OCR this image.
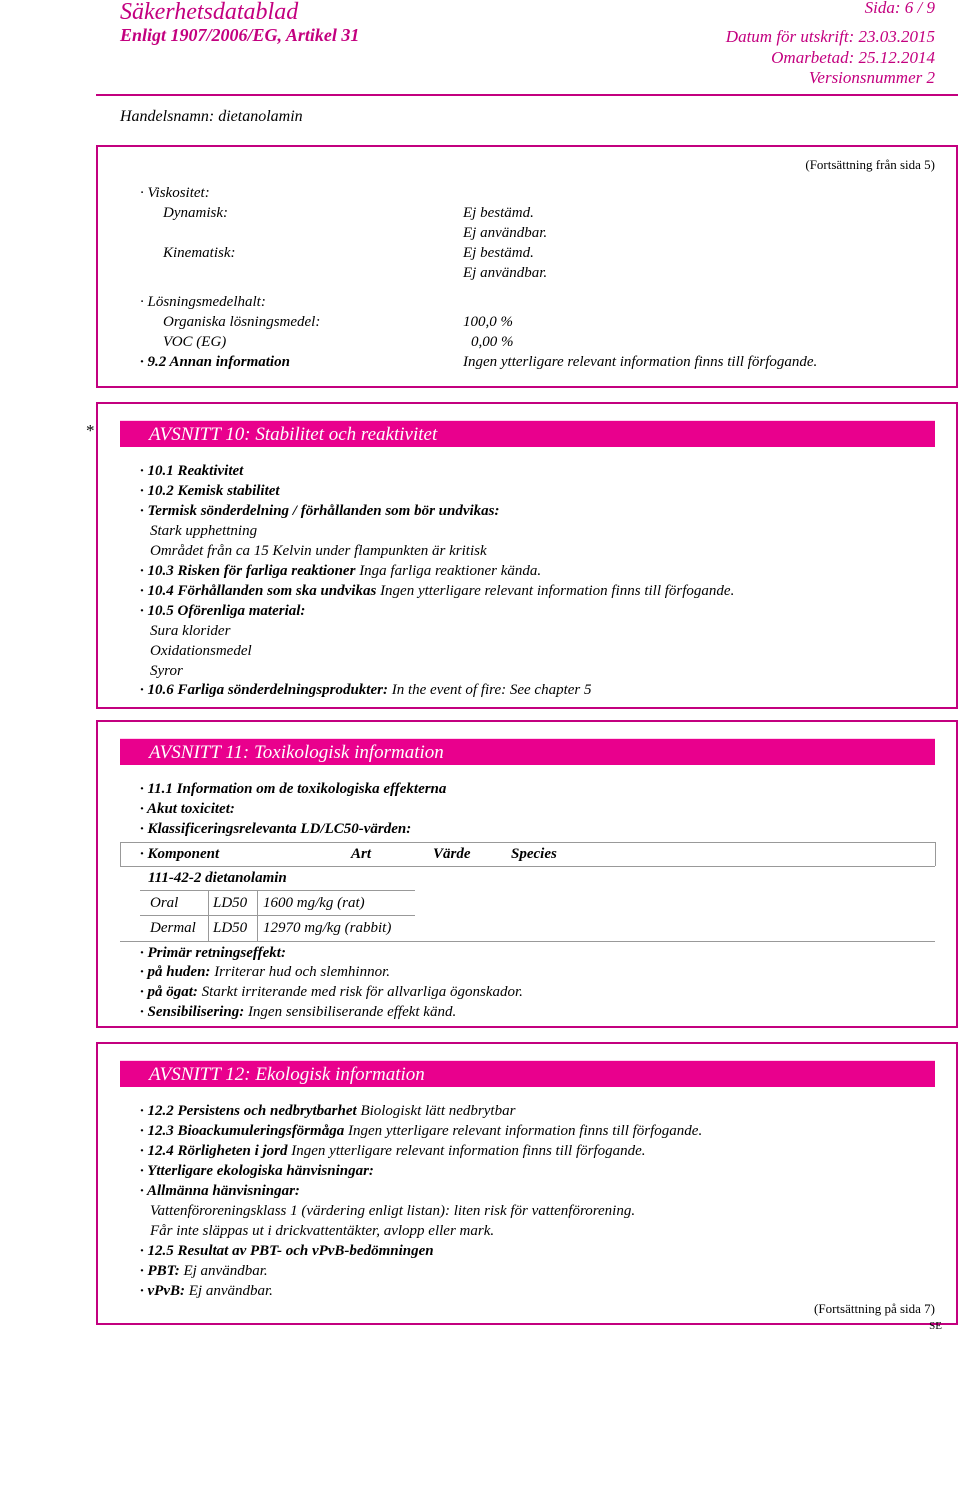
Säkerhetsdatablad
Enligt 1907/2006/EG, Artikel 31
Sida: 6 / 9
Datum för utskrift: 23.03.2015
Omarbetad: 25.12.2014
Versionsnummer 2
Handelsnamn: dietanolamin
(Fortsättning från sida 5)
· Viskositet:
Dynamisk:	Ej bestämd.
Ej användbar.
Kinematisk:	Ej bestämd.
Ej användbar.
· Lösningsmedelhalt:
Organiska lösningsmedel:	100,0 %
VOC (EG)	0,00 %
· 9.2 Annan information	Ingen ytterligare relevant information finns till förfogande.
*	AVSNITT 10: Stabilitet och reaktivitet
· 10.1 Reaktivitet
· 10.2 Kemisk stabilitet
· Termisk sönderdelning / förhållanden som bör undvikas:
Stark upphettning
Området från ca 15 Kelvin under flampunkten är kritisk
· 10.3 Risken för farliga reaktioner Inga farliga reaktioner kända.
· 10.4 Förhållanden som ska undvikas Ingen ytterligare relevant information finns till förfogande.
· 10.5 Oförenliga material:
Sura klorider
Oxidationsmedel
Syror
· 10.6 Farliga sönderdelningsprodukter: In the event of fire: See chapter 5
AVSNITT 11: Toxikologisk information
· 11.1 Information om de toxikologiska effekterna
· Akut toxicitet:
· Klassificeringsrelevanta LD/LC50-värden:
· Komponent	Art	Värde	Species
111-42-2 dietanolamin
Oral LD50 1600 mg/kg (rat)
Dermal LD50 12970 mg/kg (rabbit)
· Primär retningseffekt:
· på huden: Irriterar hud och slemhinnor.
· på ögat: Starkt irriterande med risk för allvarliga ögonskador.
· Sensibilisering: Ingen sensibiliserande effekt känd.
AVSNITT 12: Ekologisk information
· 12.2 Persistens och nedbrytbarhet Biologiskt lätt nedbrytbar
· 12.3 Bioackumuleringsförmåga Ingen ytterligare relevant information finns till förfogande.
· 12.4 Rörligheten i jord Ingen ytterligare relevant information finns till förfogande.
· Ytterligare ekologiska hänvisningar:
· Allmänna hänvisningar:
Vattenföroreningsklass 1 (värdering enligt listan): liten risk för vattenförorening.
Får inte släppas ut i drickvattentäkter, avlopp eller mark.
· 12.5 Resultat av PBT- och vPvB-bedömningen
· PBT: Ej användbar.
· vPvB: Ej användbar.
(Fortsättning på sida 7)
SE
